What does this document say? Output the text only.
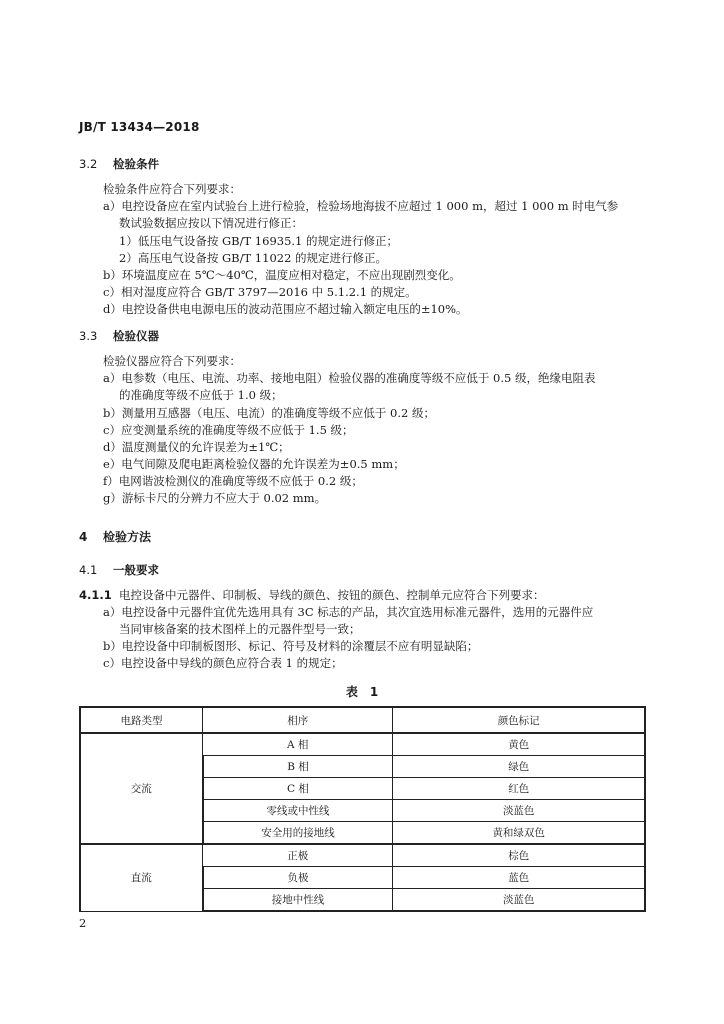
JB/T 13434—2018
3.2 检验条件
检验条件应符合下列要求：
a）电控设备应在室内试验台上进行检验，检验场地海拔不应超过 1 000 m，超过 1 000 m 时电气参
数试验数据应按以下情况进行修正：
1）低压电气设备按 GB/T 16935.1 的规定进行修正；
2）高压电气设备按 GB/T 11022 的规定进行修正。
b）环境温度应在 5℃～40℃，温度应相对稳定，不应出现剧烈变化。
c）相对湿度应符合 GB/T 3797—2016 中 5.1.2.1 的规定。
d）电控设备供电电源电压的波动范围应不超过输入额定电压的±10%。
3.3 检验仪器
检验仪器应符合下列要求：
a）电参数（电压、电流、功率、接地电阻）检验仪器的准确度等级不应低于 0.5 级，绝缘电阻表
的准确度等级不应低于 1.0 级；
b）测量用互感器（电压、电流）的准确度等级不应低于 0.2 级；
c）应变测量系统的准确度等级不应低于 1.5 级；
d）温度测量仪的允许误差为±1℃；
e）电气间隙及爬电距离检验仪器的允许误差为±0.5 mm；
f）电网谐波检测仪的准确度等级不应低于 0.2 级；
g）游标卡尺的分辨力不应大于 0.02 mm。
4 检验方法
4.1 一般要求
4.1.1 电控设备中元器件、印制板、导线的颜色、按钮的颜色、控制单元应符合下列要求：
a）电控设备中元器件宜优先选用具有 3C 标志的产品，其次宜选用标准元器件，选用的元器件应
当同审核备案的技术图样上的元器件型号一致；
b）电控设备中印制板图形、标记、符号及材料的涂覆层不应有明显缺陷；
c）电控设备中导线的颜色应符合表 1 的规定；
表　1
电路类型	相序	颜色标记
交流	A 相	黄色
	B 相	绿色
	C 相	红色
	零线或中性线	淡蓝色
	安全用的接地线	黄和绿双色
直流	正极	棕色
	负极	蓝色
	接地中性线	淡蓝色
2
